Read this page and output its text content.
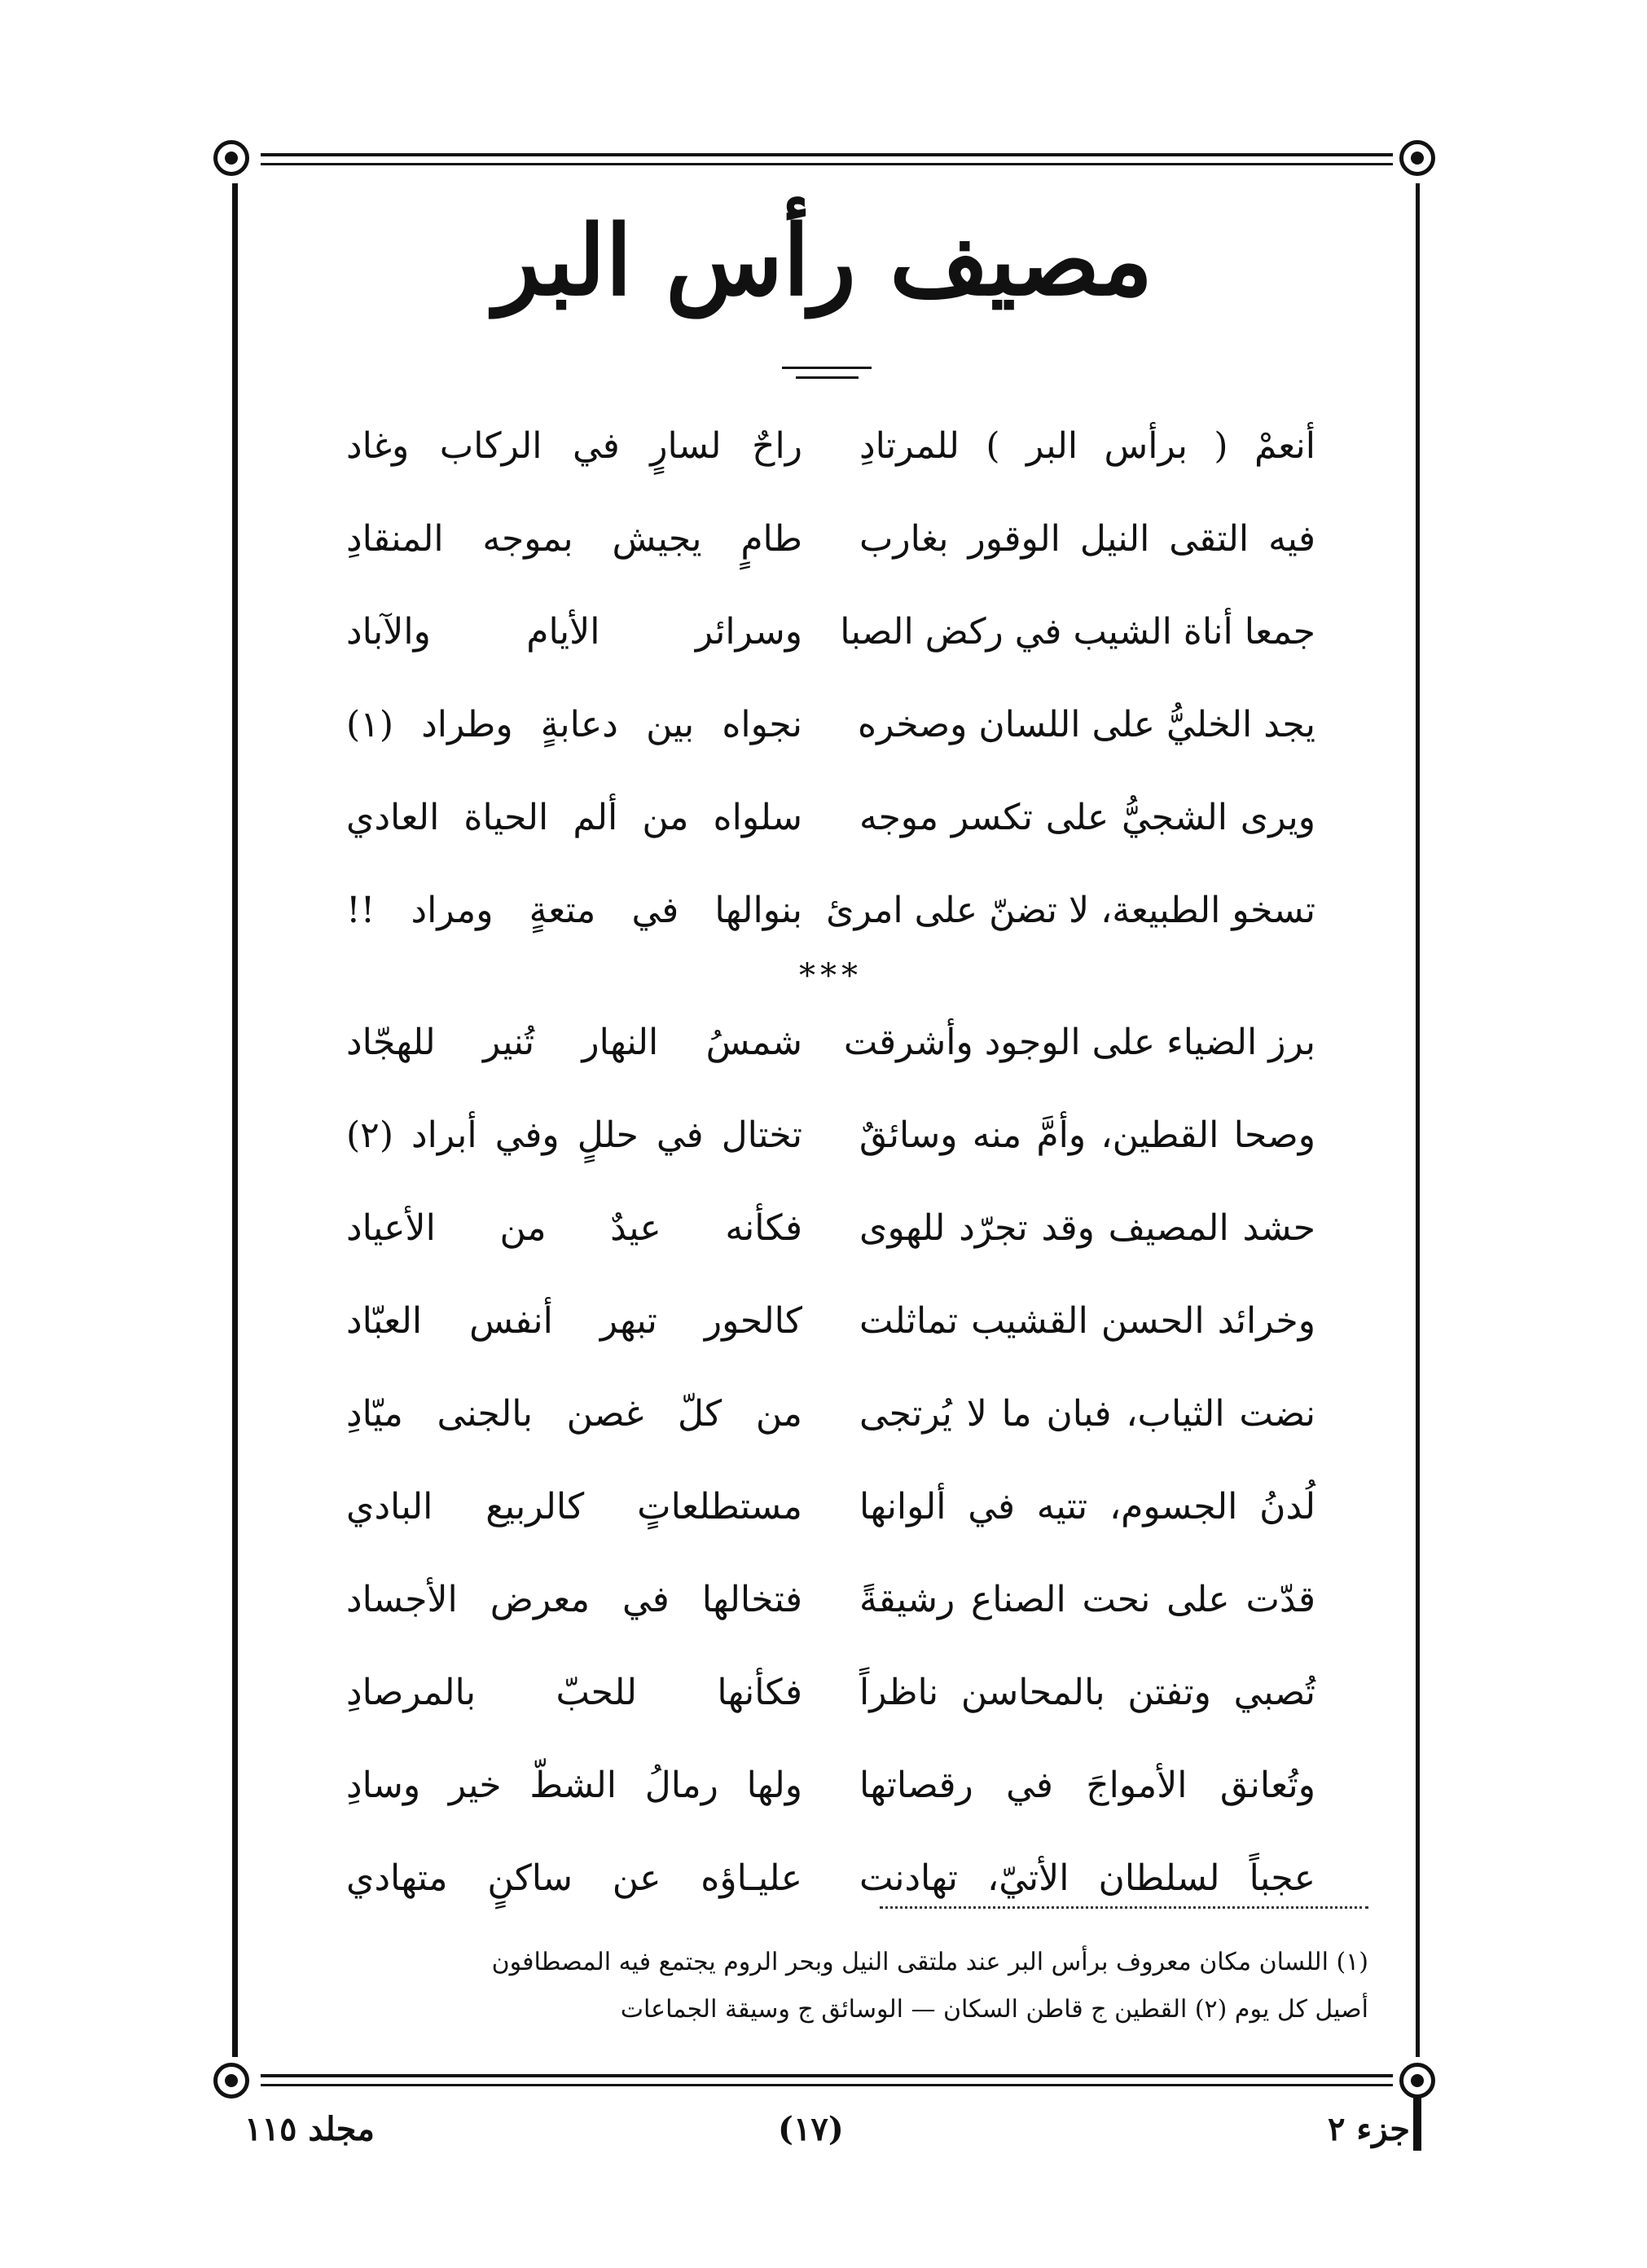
مصيف رأس البر
أنعمْ ( برأس البر ) للمرتادِ
راحٌ لسارٍ في الركاب وغاد
فيه التقى النيل الوقور بغارب
طامٍ يجيش بموجه المنقادِ
جمعا أناة الشيب في ركض الصبا
وسرائر الأيام والآباد
يجد الخليُّ على اللسان وصخره
نجواه بين دعابةٍ وطراد (١)
ويرى الشجيُّ على تكسر موجه
سلواه من ألم الحياة العادي
تسخو الطبيعة، لا تضنّ على امرئ
بنوالها في متعةٍ ومراد !!
***
برز الضياء على الوجود وأشرقت
شمسُ النهار تُنير للهجّاد
وصحا القطين، وأمَّ منه وسائقٌ
تختال في حللٍ وفي أبراد (٢)
حشد المصيف وقد تجرّد للهوى
فكأنه عيدٌ من الأعياد
وخرائد الحسن القشيب تماثلت
كالحور تبهر أنفس العبّاد
نضت الثياب، فبان ما لا يُرتجى
من كلّ غصن بالجنى ميّادِ
لُدنُ الجسوم، تتيه في ألوانها
مستطلعاتٍ كالربيع البادي
قدّت على نحت الصناع رشيقةً
فتخالها في معرض الأجساد
تُصبي وتفتن بالمحاسن ناظراً
فكأنها للحبّ بالمرصادِ
وتُعانق الأمواجَ في رقصاتها
ولها رمالُ الشطّ خير وسادِ
عجباً لسلطان الأتيّ، تهادنت
عليـاؤه عن ساكنٍ متهادي

(١) اللسان مكان معروف برأس البر عند ملتقى النيل وبحر الروم يجتمع فيه المصطافون

أصيل كل يوم (٢) القطين ج قاطن السكان — الوسائق ج وسيقة الجماعات

جزء ٢
(١٧)
مجلد ١١٥
